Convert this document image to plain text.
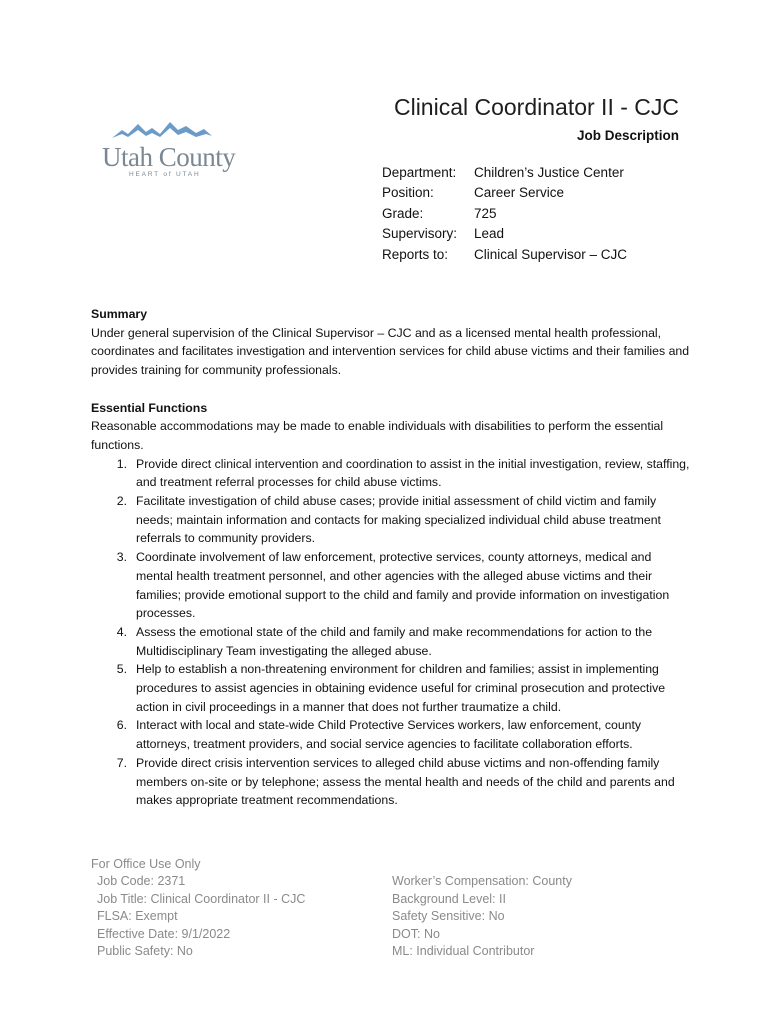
Utah County
HEART of UTAH
Clinical Coordinator II - CJC
Job Description
Department:	Children’s Justice Center
Position:	Career Service
Grade:	725
Supervisory:	Lead
Reports to:	Clinical Supervisor – CJC
Summary

Under general supervision of the Clinical Supervisor – CJC and as a licensed mental health professional, coordinates and facilitates investigation and intervention services for child abuse victims and their families and provides training for community professionals.

Essential Functions

Reasonable accommodations may be made to enable individuals with disabilities to perform the essential functions.

1. Provide direct clinical intervention and coordination to assist in the initial investigation, review, staffing, and treatment referral processes for child abuse victims.
2. Facilitate investigation of child abuse cases; provide initial assessment of child victim and family needs; maintain information and contacts for making specialized individual child abuse treatment referrals to community providers.
3. Coordinate involvement of law enforcement, protective services, county attorneys, medical and mental health treatment personnel, and other agencies with the alleged abuse victims and their families; provide emotional support to the child and family and provide information on investigation processes.
4. Assess the emotional state of the child and family and make recommendations for action to the Multidisciplinary Team investigating the alleged abuse.
5. Help to establish a non-threatening environment for children and families; assist in implementing procedures to assist agencies in obtaining evidence useful for criminal prosecution and protective action in civil proceedings in a manner that does not further traumatize a child.
6. Interact with local and state-wide Child Protective Services workers, law enforcement, county attorneys, treatment providers, and social service agencies to facilitate collaboration efforts.
7. Provide direct crisis intervention services to alleged child abuse victims and non-offending family members on-site or by telephone; assess the mental health and needs of the child and parents and makes appropriate treatment recommendations.
For Office Use Only
Job Code: 2371
Job Title: Clinical Coordinator II - CJC
FLSA: Exempt
Effective Date: 9/1/2022
Public Safety: No
Worker’s Compensation: County
Background Level: II
Safety Sensitive: No
DOT: No
ML: Individual Contributor
